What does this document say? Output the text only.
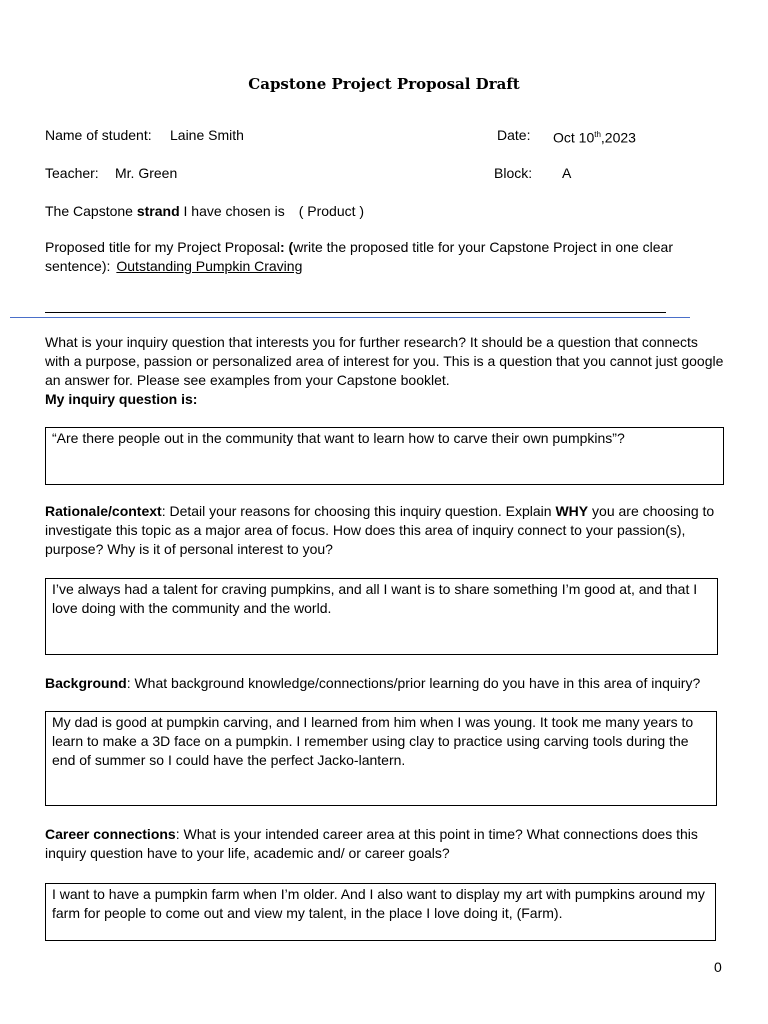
Capstone Project Proposal Draft
Name of student: Laine Smith	Date: Oct 10th,2023
Teacher: Mr. Green	Block: A
The Capstone strand I have chosen is ( Product )
Proposed title for my Project Proposal: (write the proposed title for your Capstone Project in one clear sentence): Outstanding Pumpkin Craving
What is your inquiry question that interests you for further research? It should be a question that connects with a purpose, passion or personalized area of interest for you. This is a question that you cannot just google an answer for. Please see examples from your Capstone booklet.
My inquiry question is:
“Are there people out in the community that want to learn how to carve their own pumpkins”?
Rationale/context: Detail your reasons for choosing this inquiry question. Explain WHY you are choosing to investigate this topic as a major area of focus. How does this area of inquiry connect to your passion(s), purpose? Why is it of personal interest to you?
I’ve always had a talent for craving pumpkins, and all I want is to share something I’m good at, and that I love doing with the community and the world.
Background: What background knowledge/connections/prior learning do you have in this area of inquiry?
My dad is good at pumpkin carving, and I learned from him when I was young. It took me many years to learn to make a 3D face on a pumpkin. I remember using clay to practice using carving tools during the end of summer so I could have the perfect Jacko-lantern.
Career connections: What is your intended career area at this point in time? What connections does this inquiry question have to your life, academic and/ or career goals?
I want to have a pumpkin farm when I’m older. And I also want to display my art with pumpkins around my farm for people to come out and view my talent, in the place I love doing it, (Farm).
0
